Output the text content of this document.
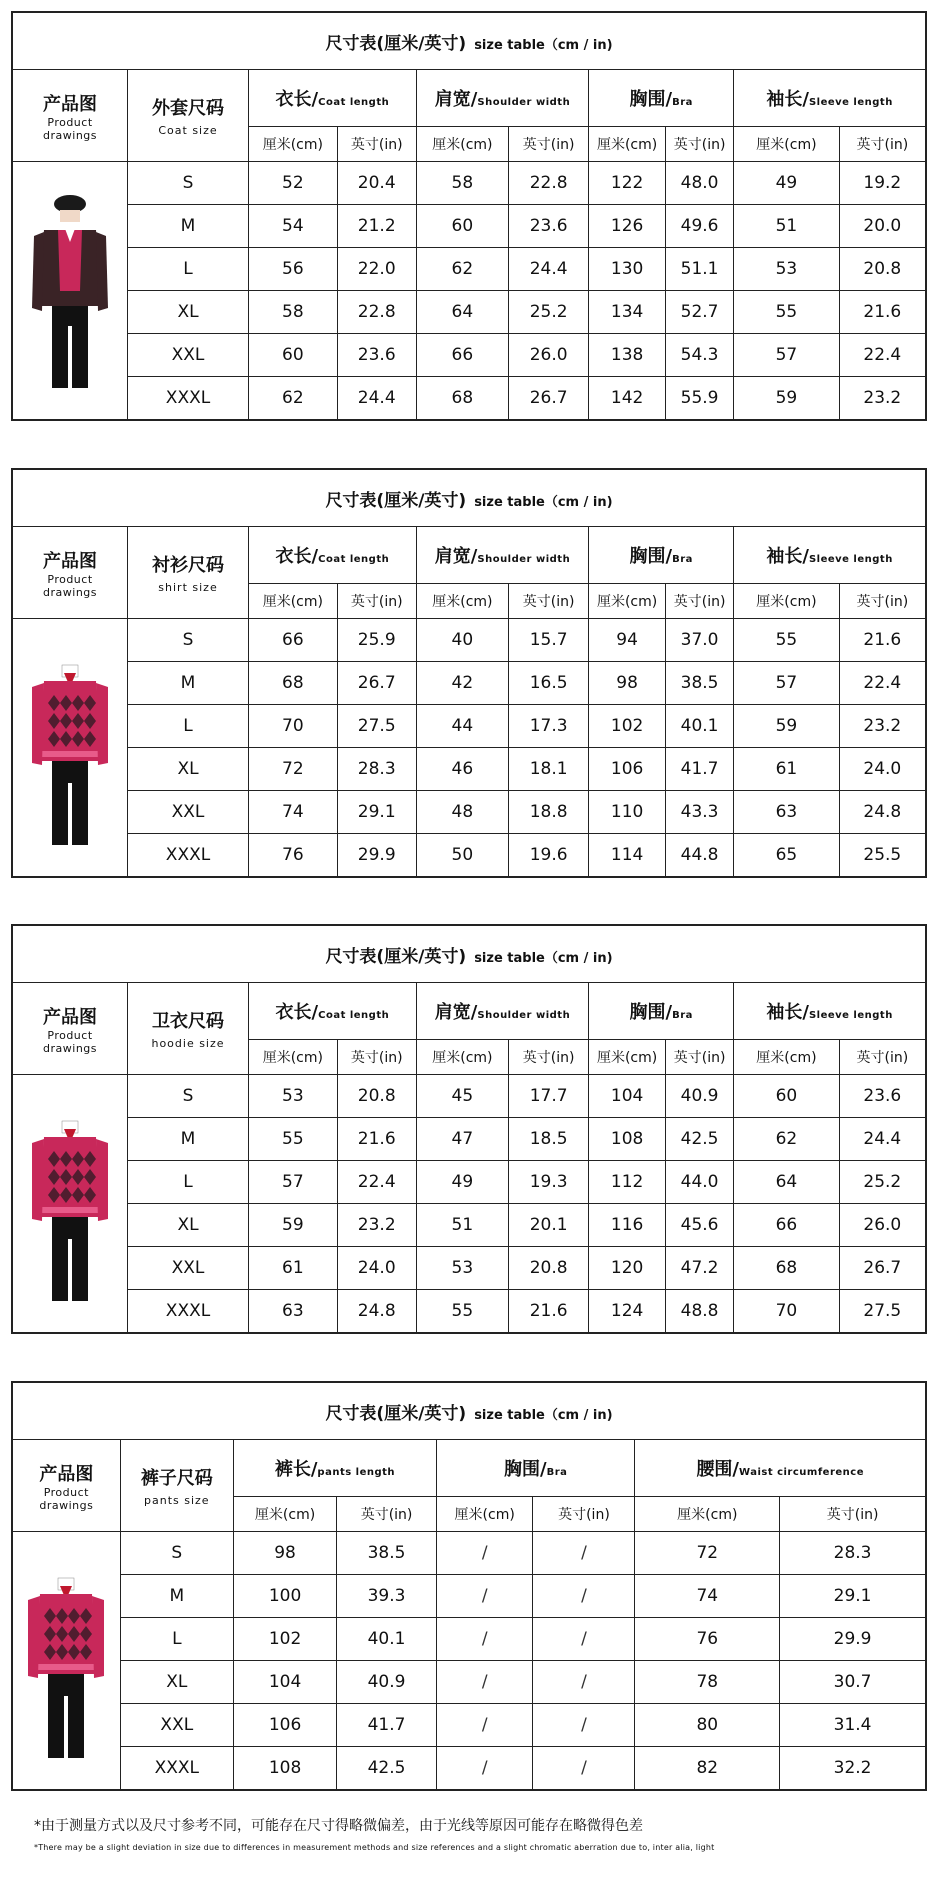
尺寸表(厘米/英寸) size table（cm / in)									

产品图
Product
drawings	外套尺码
Coat size	衣长/Coat length		肩宽/Shoulder width		胸围/Bra		袖长/Sleeve length	
		厘米(cm)	英寸(in)	厘米(cm)	英寸(in)	厘米(cm)	英寸(in)	厘米(cm)	英寸(in)

	S	52	20.4	58	22.8	122	48.0	49	19.2
	M	54	21.2	60	23.6	126	49.6	51	20.0
	L	56	22.0	62	24.4	130	51.1	53	20.8
	XL	58	22.8	64	25.2	134	52.7	55	21.6
	XXL	60	23.6	66	26.0	138	54.3	57	22.4
	XXXL	62	24.4	68	26.7	142	55.9	59	23.2
尺寸表(厘米/英寸) size table（cm / in)									

产品图
Product
drawings	衬衫尺码
shirt size	衣长/Coat length		肩宽/Shoulder width		胸围/Bra		袖长/Sleeve length	
		厘米(cm)	英寸(in)	厘米(cm)	英寸(in)	厘米(cm)	英寸(in)	厘米(cm)	英寸(in)

	S	66	25.9	40	15.7	94	37.0	55	21.6
	M	68	26.7	42	16.5	98	38.5	57	22.4
	L	70	27.5	44	17.3	102	40.1	59	23.2
	XL	72	28.3	46	18.1	106	41.7	61	24.0
	XXL	74	29.1	48	18.8	110	43.3	63	24.8
	XXXL	76	29.9	50	19.6	114	44.8	65	25.5
尺寸表(厘米/英寸) size table（cm / in)									

产品图
Product
drawings	卫衣尺码
hoodie size	衣长/Coat length		肩宽/Shoulder width		胸围/Bra		袖长/Sleeve length	
		厘米(cm)	英寸(in)	厘米(cm)	英寸(in)	厘米(cm)	英寸(in)	厘米(cm)	英寸(in)

	S	53	20.8	45	17.7	104	40.9	60	23.6
	M	55	21.6	47	18.5	108	42.5	62	24.4
	L	57	22.4	49	19.3	112	44.0	64	25.2
	XL	59	23.2	51	20.1	116	45.6	66	26.0
	XXL	61	24.0	53	20.8	120	47.2	68	26.7
	XXXL	63	24.8	55	21.6	124	48.8	70	27.5
尺寸表(厘米/英寸) size table（cm / in)							

产品图
Product
drawings	裤子尺码
pants size	裤长/pants length		胸围/Bra		腰围/Waist circumference	
		厘米(cm)	英寸(in)	厘米(cm)	英寸(in)	厘米(cm)	英寸(in)

	S	98	38.5	/	/	72	28.3
	M	100	39.3	/	/	74	29.1
	L	102	40.1	/	/	76	29.9
	XL	104	40.9	/	/	78	30.7
	XXL	106	41.7	/	/	80	31.4
	XXXL	108	42.5	/	/	82	32.2
*由于测量方式以及尺寸参考不同，可能存在尺寸得略微偏差，由于光线等原因可能存在略微得色差
*There may be a slight deviation in size due to differences in measurement methods and size references and a slight chromatic aberration due to, inter alia, light
